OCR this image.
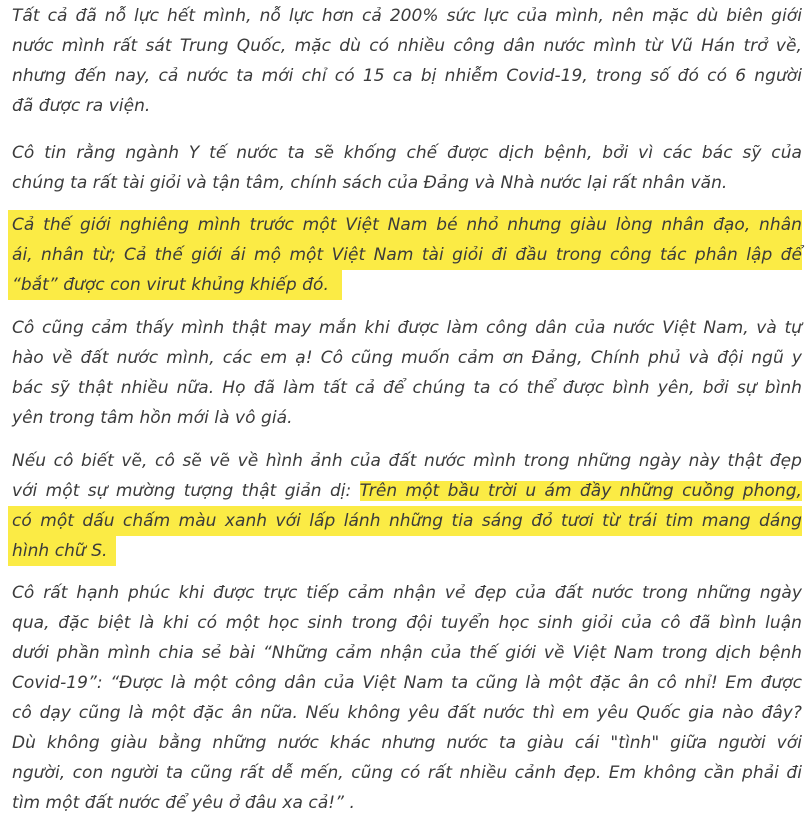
Tất cả đã nỗ lực hết mình, nỗ lực hơn cả 200% sức lực của mình, nên mặc dù biên giới
nước mình rất sát Trung Quốc, mặc dù có nhiều công dân nước mình từ Vũ Hán trở về,
nhưng đến nay, cả nước ta mới chỉ có 15 ca bị nhiễm Covid-19, trong số đó có 6 người
đã được ra viện.
Cô tin rằng ngành Y tế nước ta sẽ khống chế được dịch bệnh, bởi vì các bác sỹ của
chúng ta rất tài giỏi và tận tâm, chính sách của Đảng và Nhà nước lại rất nhân văn.
Cả thế giới nghiêng mình trước một Việt Nam bé nhỏ nhưng giàu lòng nhân đạo, nhân
ái, nhân từ; Cả thế giới ái mộ một Việt Nam tài giỏi đi đầu trong công tác phân lập để
“bắt” được con virut khủng khiếp đó.
Cô cũng cảm thấy mình thật may mắn khi được làm công dân của nước Việt Nam, và tự
hào về đất nước mình, các em ạ! Cô cũng muốn cảm ơn Đảng, Chính phủ và đội ngũ y
bác sỹ thật nhiều nữa. Họ đã làm tất cả để chúng ta có thể được bình yên, bởi sự bình
yên trong tâm hồn mới là vô giá.
Nếu cô biết vẽ, cô sẽ vẽ về hình ảnh của đất nước mình trong những ngày này thật đẹp
với một sự mường tượng thật giản dị: Trên một bầu trời u ám đầy những cuồng phong,
có một dấu chấm màu xanh với lấp lánh những tia sáng đỏ tươi từ trái tim mang dáng
hình chữ S.
Cô rất hạnh phúc khi được trực tiếp cảm nhận vẻ đẹp của đất nước trong những ngày
qua, đặc biệt là khi có một học sinh trong đội tuyển học sinh giỏi của cô đã bình luận
dưới phần mình chia sẻ bài “Những cảm nhận của thế giới về Việt Nam trong dịch bệnh
Covid-19”: “Được là một công dân của Việt Nam ta cũng là một đặc ân cô nhỉ! Em được
cô dạy cũng là một đặc ân nữa. Nếu không yêu đất nước thì em yêu Quốc gia nào đây?
Dù không giàu bằng những nước khác nhưng nước ta giàu cái "tình" giữa người với
người, con người ta cũng rất dễ mến, cũng có rất nhiều cảnh đẹp. Em không cần phải đi
tìm một đất nước để yêu ở đâu xa cả!” .
